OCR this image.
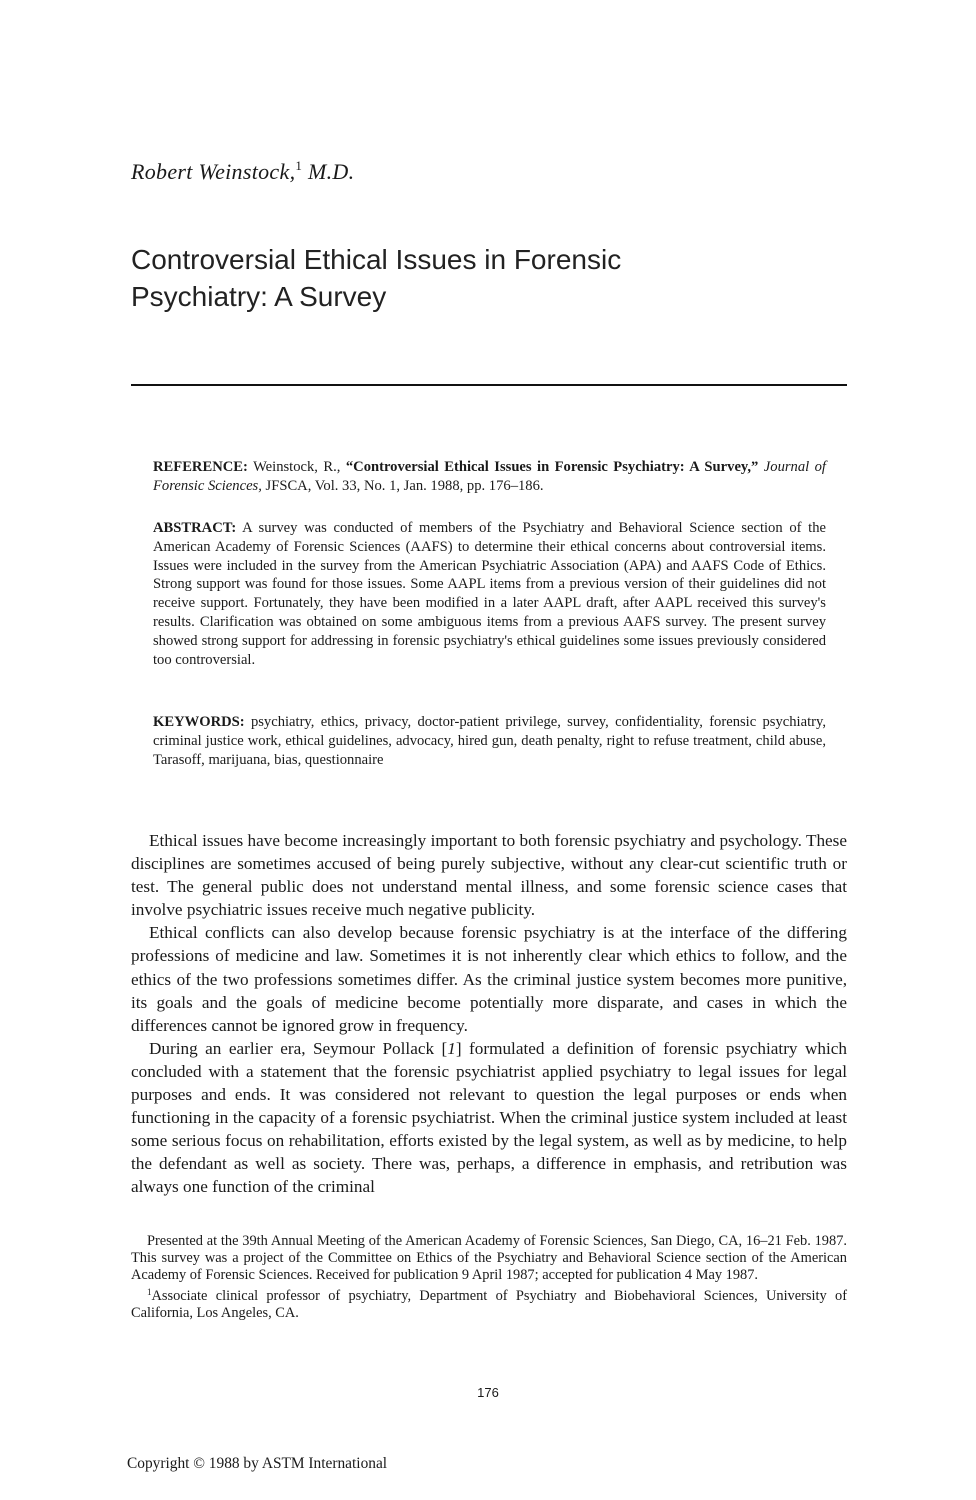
Robert Weinstock,$^1$ M.D.
Controversial Ethical Issues in Forensic
Psychiatry: A Survey
REFERENCE: Weinstock, R., “Controversial Ethical Issues in Forensic Psychiatry: A Survey,” Journal of Forensic Sciences, JFSCA, Vol. 33, No. 1, Jan. 1988, pp. 176–186.
ABSTRACT: A survey was conducted of members of the Psychiatry and Behavioral Science section of the American Academy of Forensic Sciences (AAFS) to determine their ethical concerns about controversial items. Issues were included in the survey from the American Psychiatric Association (APA) and AAFS Code of Ethics. Strong support was found for those issues. Some AAPL items from a previous version of their guidelines did not receive support. Fortunately, they have been modified in a later AAPL draft, after AAPL received this survey's results. Clarification was obtained on some ambiguous items from a previous AAFS survey. The present survey showed strong support for addressing in forensic psychiatry's ethical guidelines some issues previously considered too controversial.
KEYWORDS: psychiatry, ethics, privacy, doctor-patient privilege, survey, confidentiality, forensic psychiatry, criminal justice work, ethical guidelines, advocacy, hired gun, death penalty, right to refuse treatment, child abuse, Tarasoff, marijuana, bias, questionnaire

Ethical issues have become increasingly important to both forensic psychiatry and psychology. These disciplines are sometimes accused of being purely subjective, without any clear-cut scientific truth or test. The general public does not understand mental illness, and some forensic science cases that involve psychiatric issues receive much negative publicity.

Ethical conflicts can also develop because forensic psychiatry is at the interface of the differing professions of medicine and law. Sometimes it is not inherently clear which ethics to follow, and the ethics of the two professions sometimes differ. As the criminal justice system becomes more punitive, its goals and the goals of medicine become potentially more disparate, and cases in which the differences cannot be ignored grow in frequency.

During an earlier era, Seymour Pollack [1] formulated a definition of forensic psychiatry which concluded with a statement that the forensic psychiatrist applied psychiatry to legal issues for legal purposes and ends. It was considered not relevant to question the legal purposes or ends when functioning in the capacity of a forensic psychiatrist. When the criminal justice system included at least some serious focus on rehabilitation, efforts existed by the legal system, as well as by medicine, to help the defendant as well as society. There was, perhaps, a difference in emphasis, and retribution was always one function of the criminal

Presented at the 39th Annual Meeting of the American Academy of Forensic Sciences, San Diego, CA, 16–21 Feb. 1987. This survey was a project of the Committee on Ethics of the Psychiatry and Behavioral Science section of the American Academy of Forensic Sciences. Received for publication 9 April 1987; accepted for publication 4 May 1987.

$^1$Associate clinical professor of psychiatry, Department of Psychiatry and Biobehavioral Sciences, University of California, Los Angeles, CA.

176
Copyright © 1988 by ASTM International
